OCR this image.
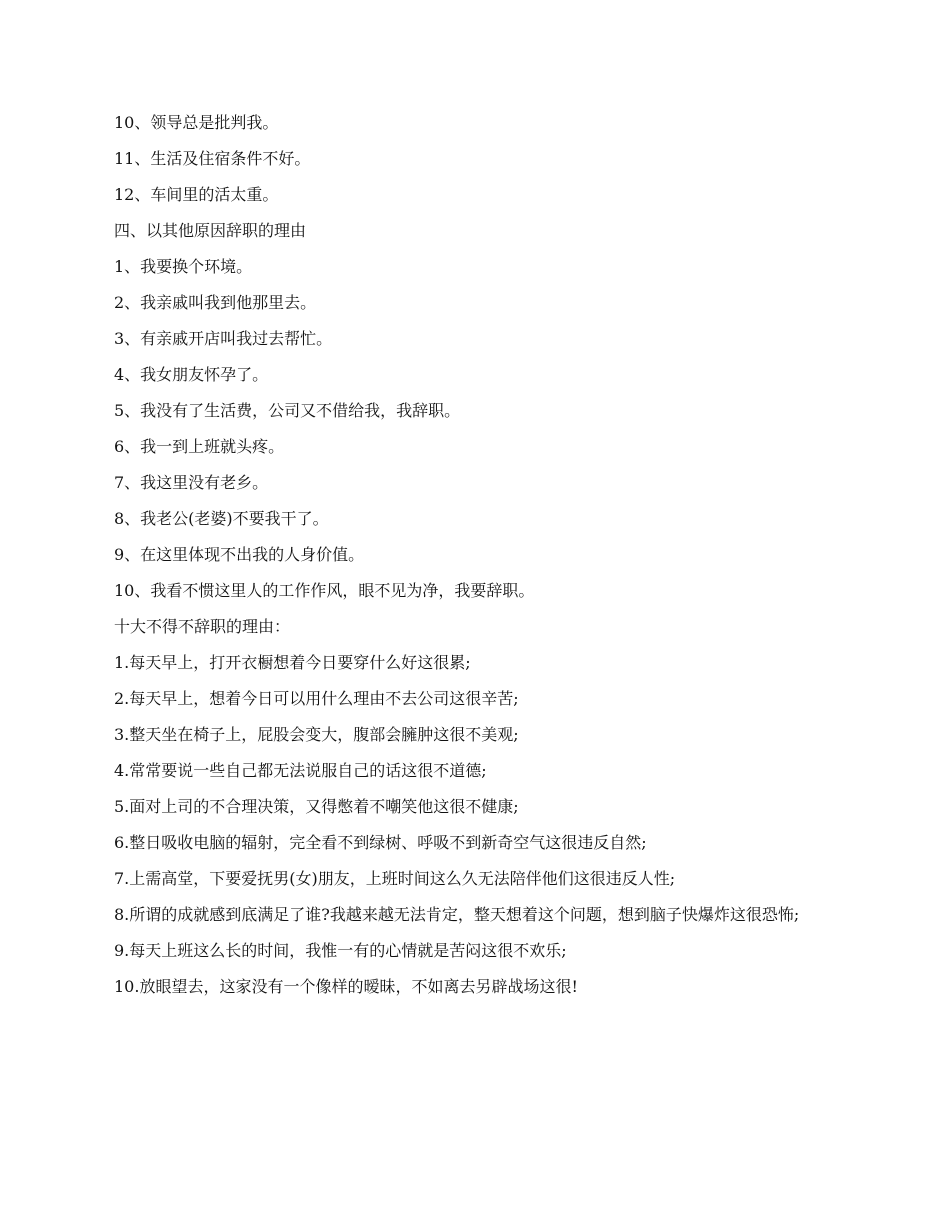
10、领导总是批判我。

11、生活及住宿条件不好。

12、车间里的活太重。

四、以其他原因辞职的理由

1、我要换个环境。

2、我亲戚叫我到他那里去。

3、有亲戚开店叫我过去帮忙。

4、我女朋友怀孕了。

5、我没有了生活费，公司又不借给我，我辞职。

6、我一到上班就头疼。

7、我这里没有老乡。

8、我老公(老婆)不要我干了。

9、在这里体现不出我的人身价值。

10、我看不惯这里人的工作作风，眼不见为净，我要辞职。

十大不得不辞职的理由：

1.每天早上，打开衣橱想着今日要穿什么好这很累;

2.每天早上，想着今日可以用什么理由不去公司这很辛苦;

3.整天坐在椅子上，屁股会变大，腹部会臃肿这很不美观;

4.常常要说一些自己都无法说服自己的话这很不道德;

5.面对上司的不合理决策，又得憋着不嘲笑他这很不健康;

6.整日吸收电脑的辐射，完全看不到绿树、呼吸不到新奇空气这很违反自然;

7.上需高堂，下要爱抚男(女)朋友，上班时间这么久无法陪伴他们这很违反人性;

8.所谓的成就感到底满足了谁?我越来越无法肯定，整天想着这个问题，想到脑子快爆炸这很恐怖;

9.每天上班这么长的时间，我惟一有的心情就是苦闷这很不欢乐;

10.放眼望去，这家没有一个像样的暧昧，不如离去另辟战场这很!
